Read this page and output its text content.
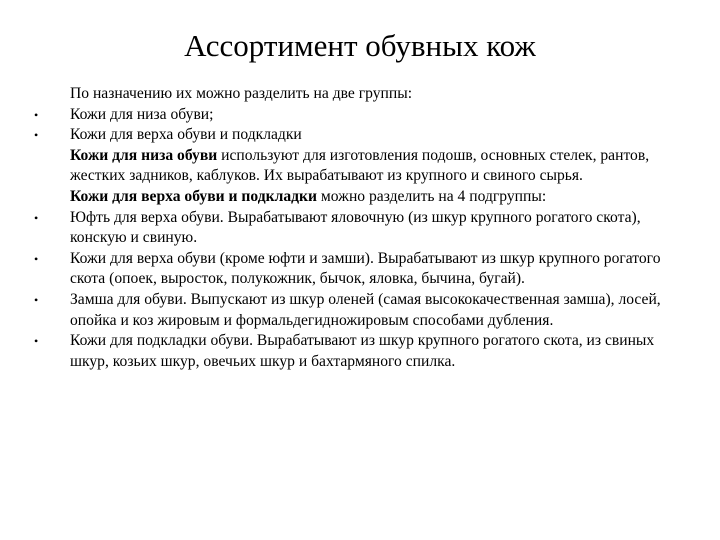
Ассортимент обувных кож
По назначению их можно разделить на две группы:
•	Кожи для низа обуви;
•	Кожи для верха обуви и подкладки
Кожи для низа обуви используют для изготовления подошв, основных стелек, рантов, жестких задников, каблуков. Их вырабатывают из крупного и свиного сырья.
Кожи для верха обуви и подкладки можно разделить на 4 подгруппы:
•	Юфть для верха обуви. Вырабатывают яловочную (из шкур крупного рогатого скота), конскую и свиную.
•	Кожи для верха обуви (кроме юфти и замши). Вырабатывают из шкур крупного рогатого скота (опоек, выросток, полукожник, бычок, яловка, бычина, бугай).
•	Замша для обуви. Выпускают из шкур оленей (самая высококачественная замша), лосей, опойка и коз жировым и формальдегидножировым способами дубления.
•	Кожи для подкладки обуви. Вырабатывают из шкур крупного рогатого скота, из свиных шкур, козьих шкур, овечьих шкур и бахтармяного спилка.
